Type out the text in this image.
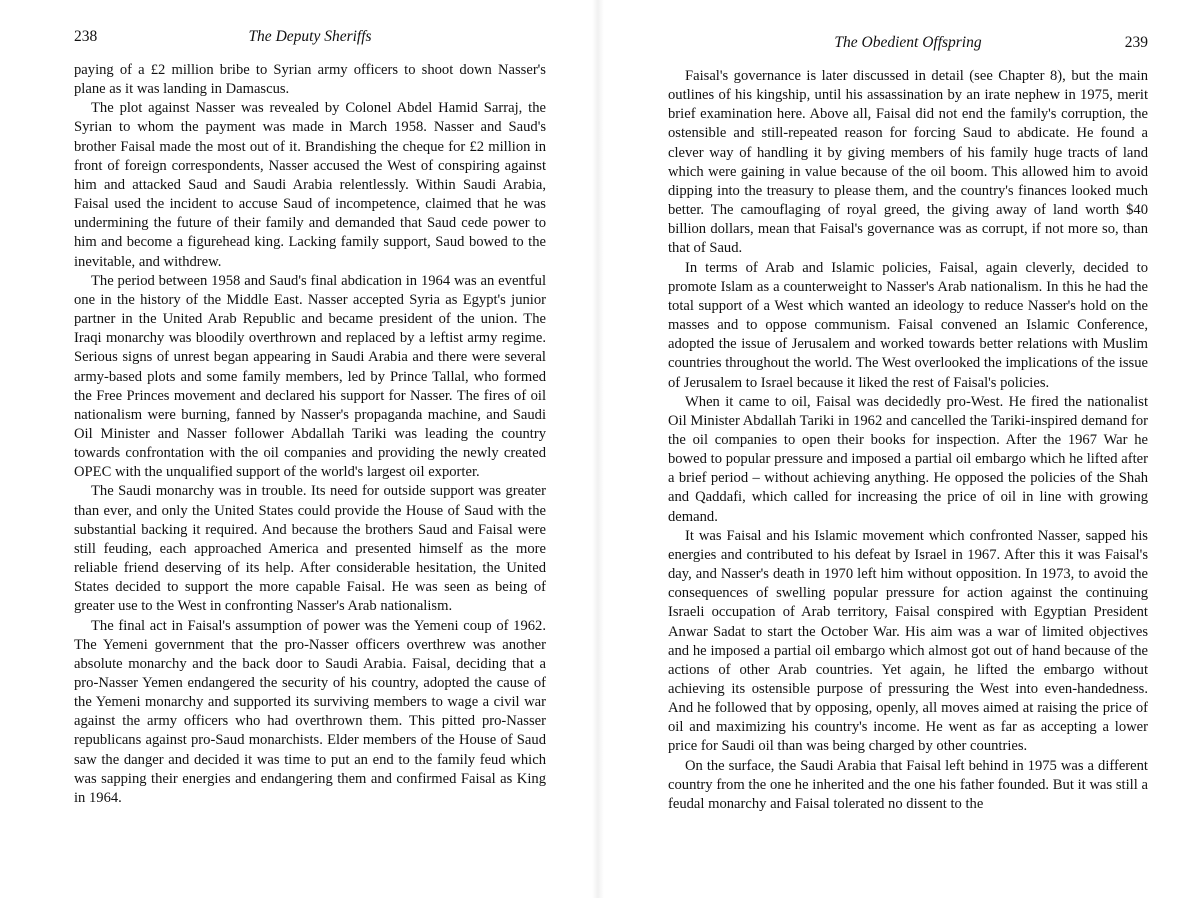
238	The Deputy Sheriffs

paying of a £2 million bribe to Syrian army officers to shoot down Nasser's plane as it was landing in Damascus.

The plot against Nasser was revealed by Colonel Abdel Hamid Sarraj, the Syrian to whom the payment was made in March 1958. Nasser and Saud's brother Faisal made the most out of it. Brandishing the cheque for £2 million in front of foreign correspondents, Nasser accused the West of conspiring against him and attacked Saud and Saudi Arabia relentlessly. Within Saudi Arabia, Faisal used the incident to accuse Saud of incompetence, claimed that he was undermining the future of their family and demanded that Saud cede power to him and become a figurehead king. Lacking family support, Saud bowed to the inevitable, and withdrew.

The period between 1958 and Saud's final abdication in 1964 was an eventful one in the history of the Middle East. Nasser accepted Syria as Egypt's junior partner in the United Arab Republic and became president of the union. The Iraqi monarchy was bloodily overthrown and replaced by a leftist army regime. Serious signs of unrest began appearing in Saudi Arabia and there were several army-based plots and some family members, led by Prince Tallal, who formed the Free Princes movement and declared his support for Nasser. The fires of oil nationalism were burning, fanned by Nasser's propaganda machine, and Saudi Oil Minister and Nasser follower Abdallah Tariki was leading the country towards confrontation with the oil companies and providing the newly created OPEC with the unqualified support of the world's largest oil exporter.

The Saudi monarchy was in trouble. Its need for outside support was greater than ever, and only the United States could provide the House of Saud with the substantial backing it required. And because the brothers Saud and Faisal were still feuding, each approached America and presented himself as the more reliable friend deserving of its help. After considerable hesitation, the United States decided to support the more capable Faisal. He was seen as being of greater use to the West in confronting Nasser's Arab nationalism.

The final act in Faisal's assumption of power was the Yemeni coup of 1962. The Yemeni government that the pro-Nasser officers overthrew was another absolute monarchy and the back door to Saudi Arabia. Faisal, deciding that a pro-Nasser Yemen endangered the security of his country, adopted the cause of the Yemeni monarchy and supported its surviving members to wage a civil war against the army officers who had overthrown them. This pitted pro-Nasser republicans against pro-Saud monarchists. Elder members of the House of Saud saw the danger and decided it was time to put an end to the family feud which was sapping their energies and endangering them and confirmed Faisal as King in 1964.

The Obedient Offspring	239

Faisal's governance is later discussed in detail (see Chapter 8), but the main outlines of his kingship, until his assassination by an irate nephew in 1975, merit brief examination here. Above all, Faisal did not end the family's corruption, the ostensible and still-repeated reason for forcing Saud to abdicate. He found a clever way of handling it by giving members of his family huge tracts of land which were gaining in value because of the oil boom. This allowed him to avoid dipping into the treasury to please them, and the country's finances looked much better. The camouflaging of royal greed, the giving away of land worth $40 billion dollars, mean that Faisal's governance was as corrupt, if not more so, than that of Saud.

In terms of Arab and Islamic policies, Faisal, again cleverly, decided to promote Islam as a counterweight to Nasser's Arab nationalism. In this he had the total support of a West which wanted an ideology to reduce Nasser's hold on the masses and to oppose communism. Faisal convened an Islamic Conference, adopted the issue of Jerusalem and worked towards better relations with Muslim countries throughout the world. The West overlooked the implications of the issue of Jerusalem to Israel because it liked the rest of Faisal's policies.

When it came to oil, Faisal was decidedly pro-West. He fired the nationalist Oil Minister Abdallah Tariki in 1962 and cancelled the Tariki-inspired demand for the oil companies to open their books for inspection. After the 1967 War he bowed to popular pressure and imposed a partial oil embargo which he lifted after a brief period – without achieving anything. He opposed the policies of the Shah and Qaddafi, which called for increasing the price of oil in line with growing demand.

It was Faisal and his Islamic movement which confronted Nasser, sapped his energies and contributed to his defeat by Israel in 1967. After this it was Faisal's day, and Nasser's death in 1970 left him without opposition. In 1973, to avoid the consequences of swelling popular pressure for action against the continuing Israeli occupation of Arab territory, Faisal conspired with Egyptian President Anwar Sadat to start the October War. His aim was a war of limited objectives and he imposed a partial oil embargo which almost got out of hand because of the actions of other Arab countries. Yet again, he lifted the embargo without achieving its ostensible purpose of pressuring the West into even-handedness. And he followed that by opposing, openly, all moves aimed at raising the price of oil and maximizing his country's income. He went as far as accepting a lower price for Saudi oil than was being charged by other countries.

On the surface, the Saudi Arabia that Faisal left behind in 1975 was a different country from the one he inherited and the one his father founded. But it was still a feudal monarchy and Faisal tolerated no dissent to the
